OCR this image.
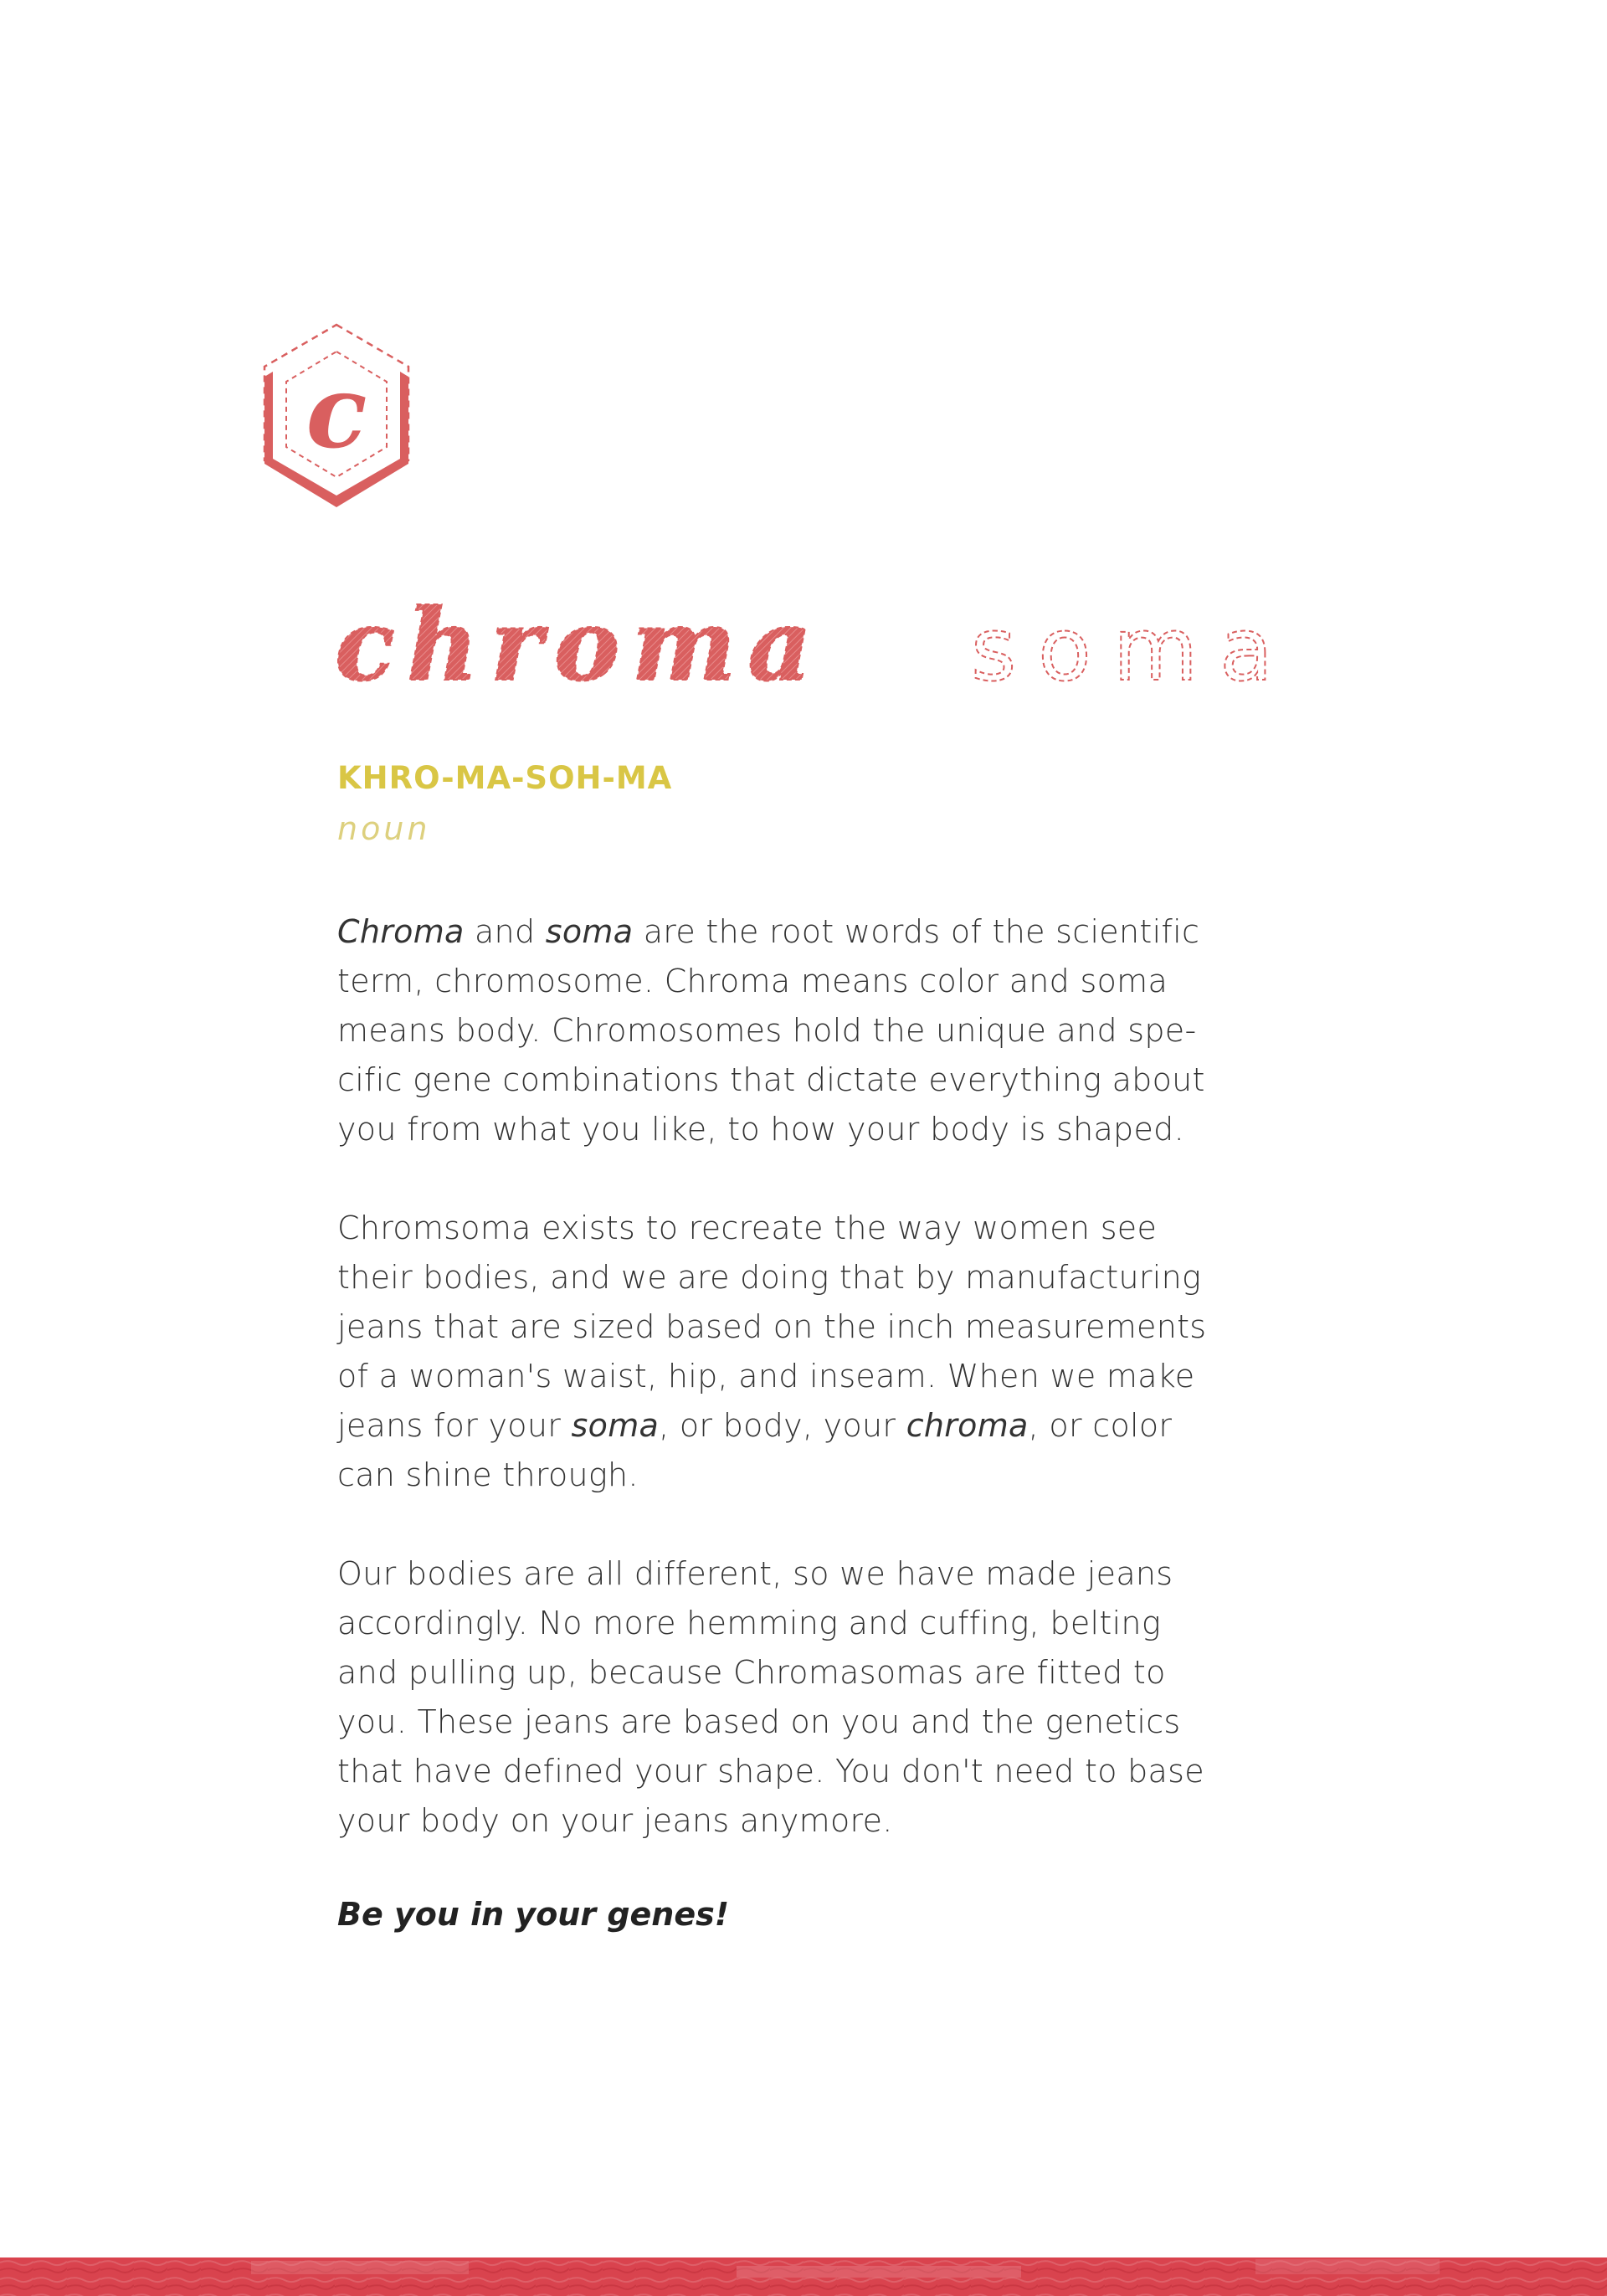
c
chroma soma
KHRO-MA-SOH-MA
noun
Chroma and soma are the root words of the scientific
term, chromosome. Chroma means color and soma
means body. Chromosomes hold the unique and spe-
cific gene combinations that dictate everything about
you from what you like, to how your body is shaped.
Chromsoma exists to recreate the way women see
their bodies, and we are doing that by manufacturing
jeans that are sized based on the inch measurements
of a woman's waist, hip, and inseam. When we make
jeans for your soma, or body, your chroma, or color
can shine through.
Our bodies are all different, so we have made jeans
accordingly. No more hemming and cuffing, belting
and pulling up, because Chromasomas are fitted to
you. These jeans are based on you and the genetics
that have defined your shape. You don't need to base
your body on your jeans anymore.
Be you in your genes!
